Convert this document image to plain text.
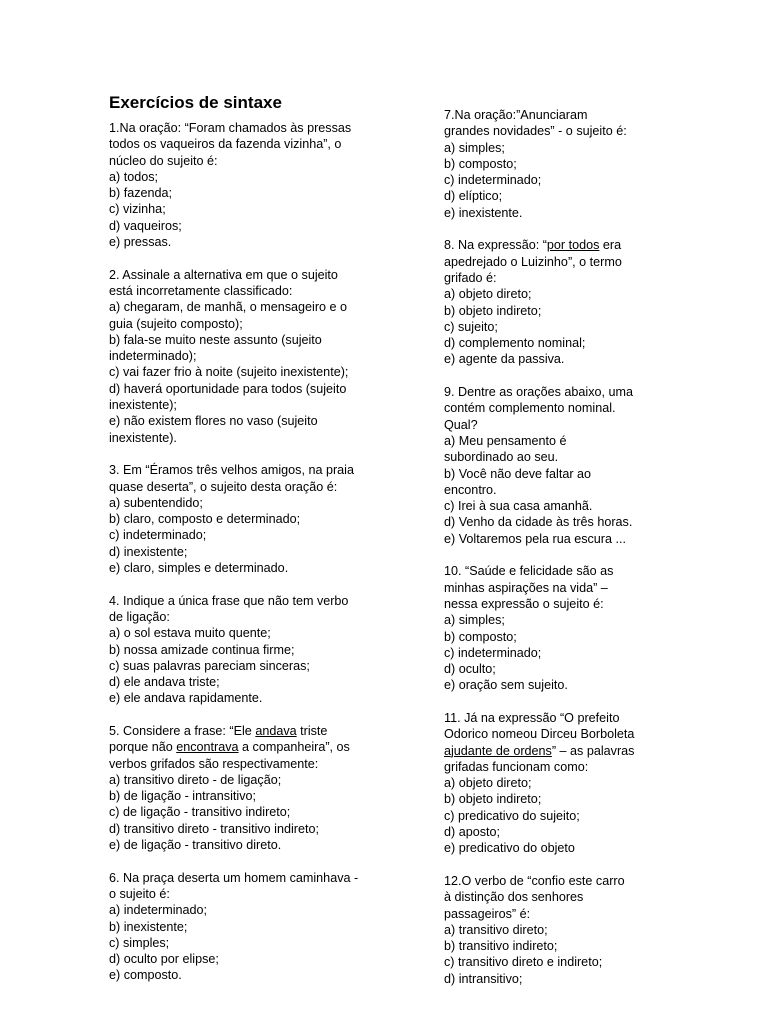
Exercícios de sintaxe
1.Na oração: “Foram chamados às pressas
todos os vaqueiros da fazenda vizinha”, o
núcleo do sujeito é:
a) todos;
b) fazenda;
c) vizinha;
d) vaqueiros;
e) pressas.
2. Assinale a alternativa em que o sujeito
está incorretamente classificado:
a) chegaram, de manhã, o mensageiro e o
guia (sujeito composto);
b) fala-se muito neste assunto (sujeito
indeterminado);
c) vai fazer frio à noite (sujeito inexistente);
d) haverá oportunidade para todos (sujeito
inexistente);
e) não existem flores no vaso (sujeito
inexistente).
3. Em “Éramos três velhos amigos, na praia
quase deserta”, o sujeito desta oração é:
a) subentendido;
b) claro, composto e determinado;
c) indeterminado;
d) inexistente;
e) claro, simples e determinado.
4. Indique a única frase que não tem verbo
de ligação:
a) o sol estava muito quente;
b) nossa amizade continua firme;
c) suas palavras pareciam sinceras;
d) ele andava triste;
e) ele andava rapidamente.
5. Considere a frase: “Ele andava triste
porque não encontrava a companheira”, os
verbos grifados são respectivamente:
a) transitivo direto - de ligação;
b) de ligação - intransitivo;
c) de ligação - transitivo indireto;
d) transitivo direto - transitivo indireto;
e) de ligação - transitivo direto.
6. Na praça deserta um homem caminhava -
o sujeito é:
a) indeterminado;
b) inexistente;
c) simples;
d) oculto por elipse;
e) composto.
7.Na oração:”Anunciaram
grandes novidades” - o sujeito é:
a) simples;
b) composto;
c) indeterminado;
d) elíptico;
e) inexistente.
8. Na expressão: “por todos era
apedrejado o Luizinho”, o termo
grifado é:
a) objeto direto;
b) objeto indireto;
c) sujeito;
d) complemento nominal;
e) agente da passiva.
9. Dentre as orações abaixo, uma
contém complemento nominal.
Qual?
a) Meu pensamento é
subordinado ao seu.
b) Você não deve faltar ao
encontro.
c) Irei à sua casa amanhã.
d) Venho da cidade às três horas.
e) Voltaremos pela rua escura ...
10. “Saúde e felicidade são as
minhas aspirações na vida” –
nessa expressão o sujeito é:
a) simples;
b) composto;
c) indeterminado;
d) oculto;
e) oração sem sujeito.
11. Já na expressão “O prefeito
Odorico nomeou Dirceu Borboleta
ajudante de ordens” – as palavras
grifadas funcionam como:
a) objeto direto;
b) objeto indireto;
c) predicativo do sujeito;
d) aposto;
e) predicativo do objeto
12.O verbo de “confio este carro
à distinção dos senhores
passageiros” é:
a) transitivo direto;
b) transitivo indireto;
c) transitivo direto e indireto;
d) intransitivo;
